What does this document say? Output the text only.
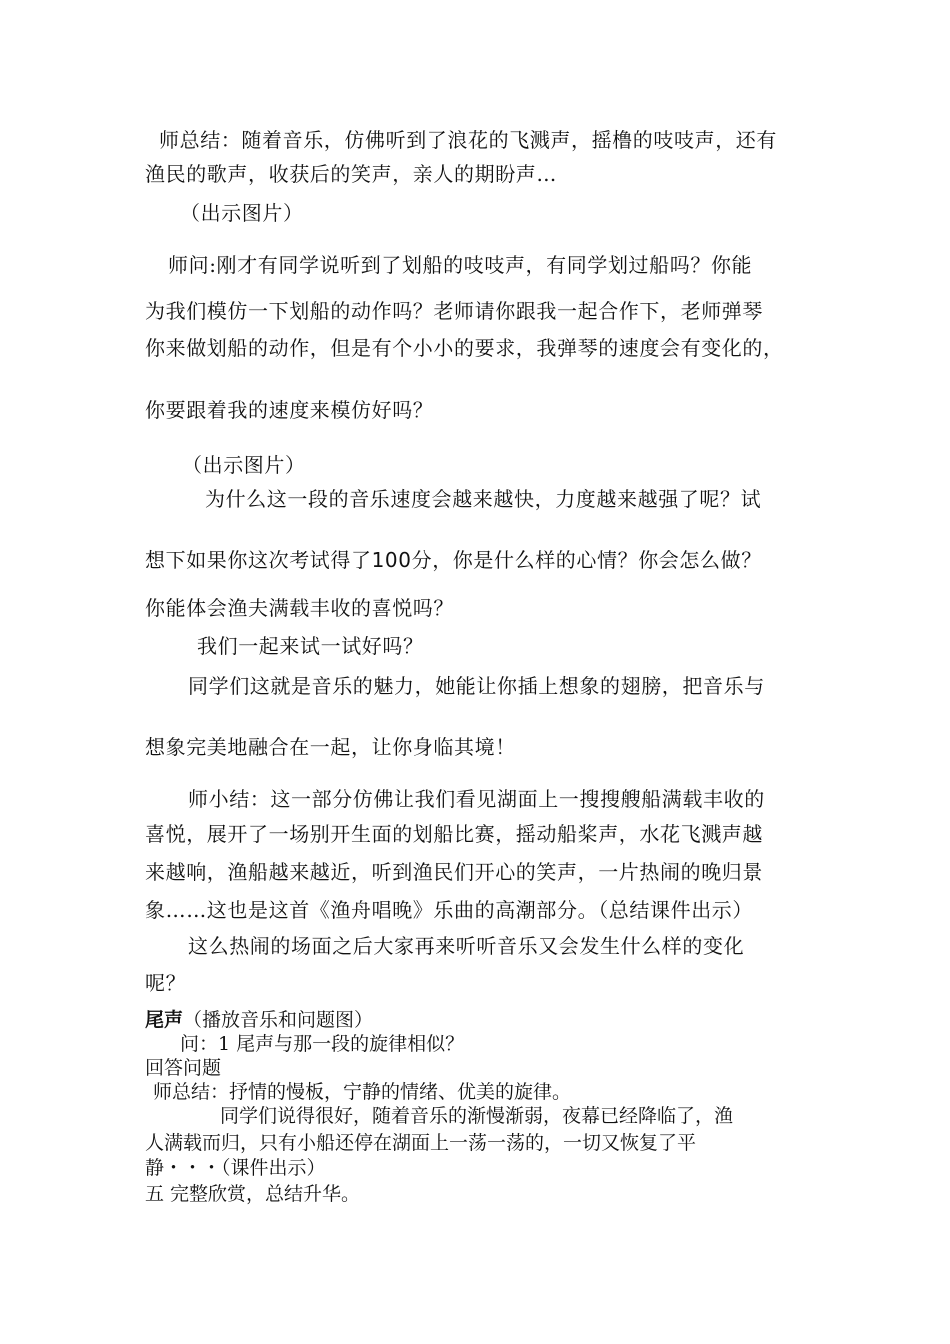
师总结：随着音乐，仿佛听到了浪花的飞溅声，摇橹的吱吱声，还有
渔民的歌声，收获后的笑声，亲人的期盼声…
（出示图片）
师问:刚才有同学说听到了划船的吱吱声，有同学划过船吗？你能
为我们模仿一下划船的动作吗？老师请你跟我一起合作下，老师弹琴
你来做划船的动作，但是有个小小的要求，我弹琴的速度会有变化的，
你要跟着我的速度来模仿好吗？
（出示图片）
为什么这一段的音乐速度会越来越快，力度越来越强了呢？试
想下如果你这次考试得了100分，你是什么样的心情？你会怎么做？
你能体会渔夫满载丰收的喜悦吗？
我们一起来试一试好吗？
同学们这就是音乐的魅力，她能让你插上想象的翅膀，把音乐与
想象完美地融合在一起，让你身临其境！
师小结：这一部分仿佛让我们看见湖面上一搜搜艘船满载丰收的
喜悦，展开了一场别开生面的划船比赛，摇动船桨声，水花飞溅声越
来越响，渔船越来越近，听到渔民们开心的笑声，一片热闹的晚归景
象……这也是这首《渔舟唱晚》乐曲的高潮部分。（总结课件出示）
这么热闹的场面之后大家再来听听音乐又会发生什么样的变化
呢？
尾声（播放音乐和问题图）
问：1 尾声与那一段的旋律相似？
回答问题
师总结：抒情的慢板，宁静的情绪、优美的旋律。
同学们说得很好，随着音乐的渐慢渐弱，夜幕已经降临了，渔
人满载而归，只有小船还停在湖面上一荡一荡的，一切又恢复了平
静・・・（课件出示）
五 完整欣赏，总结升华。
